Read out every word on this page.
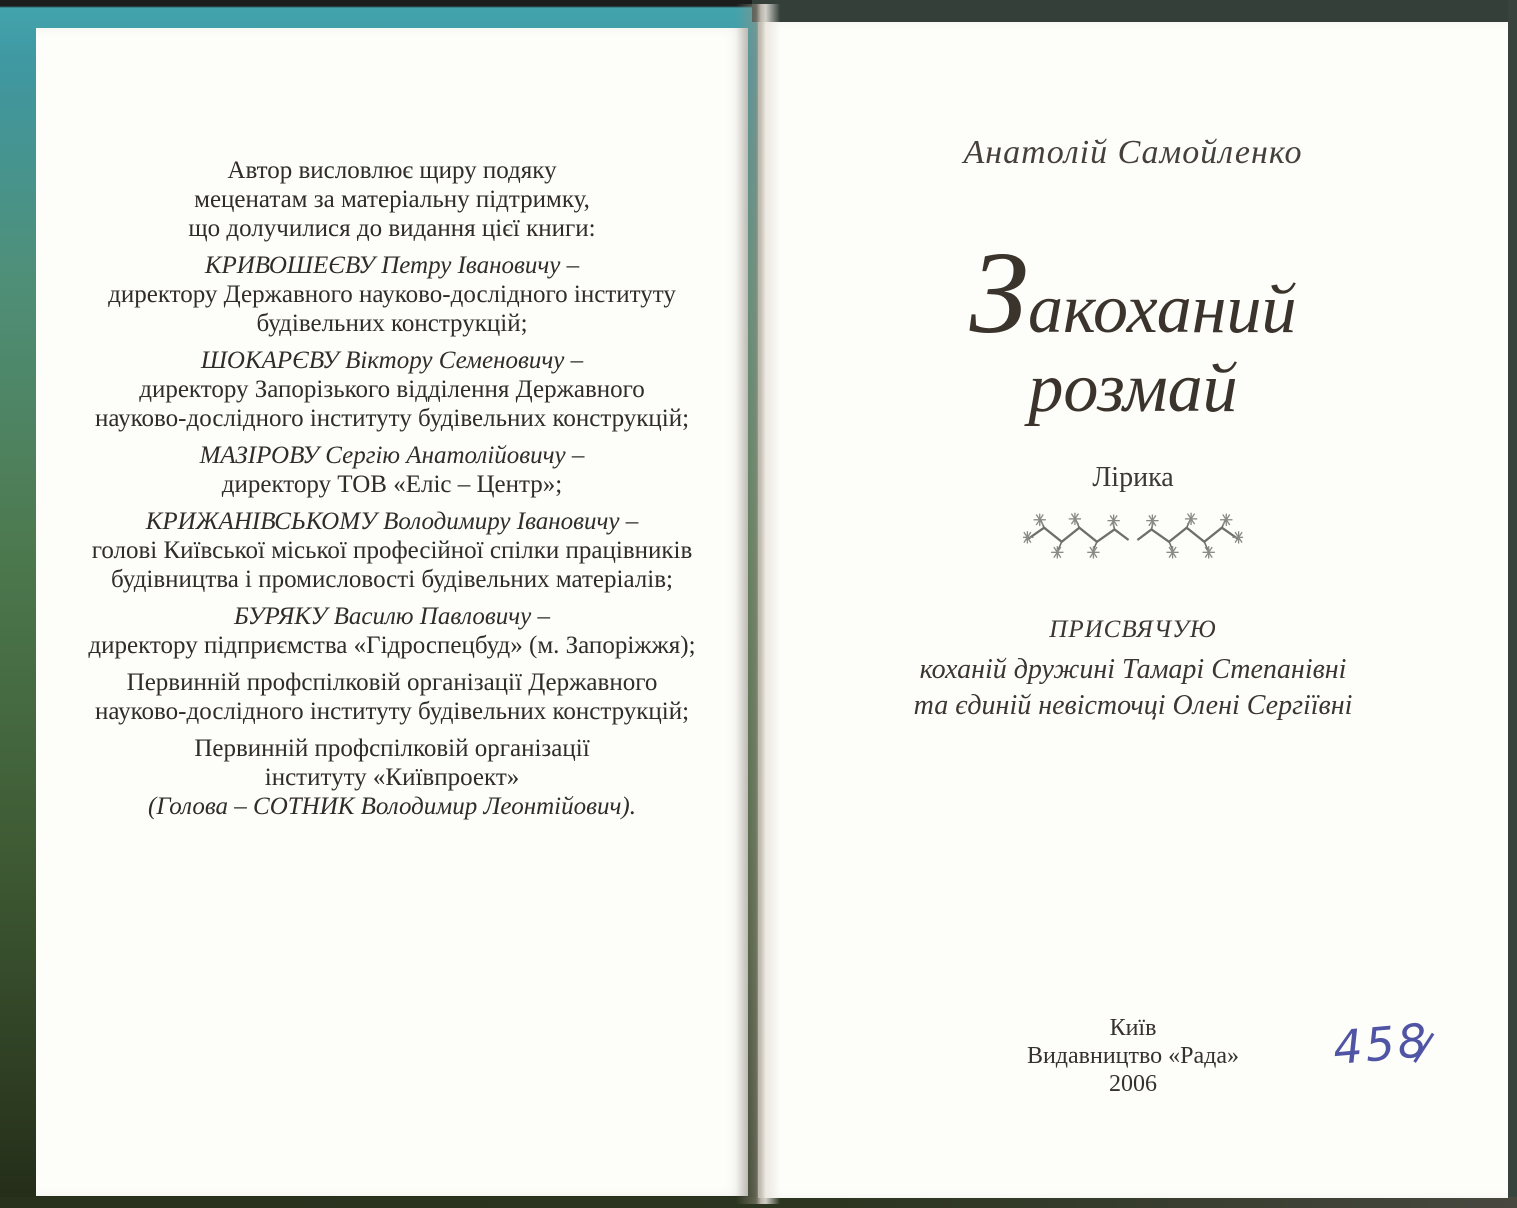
Автор висловлює щиру подяку
меценатам за матеріальну підтримку,
що долучилися до видання цієї книги:
КРИВОШЕЄВУ Петру Івановичу –
директору Державного науково-дослідного інституту
будівельних конструкцій;
ШОКАРЄВУ Віктору Семеновичу –
директору Запорізького відділення Державного
науково-дослідного інституту будівельних конструкцій;
МАЗІРОВУ Сергію Анатолійовичу –
директору ТОВ «Еліс – Центр»;
КРИЖАНІВСЬКОМУ Володимиру Івановичу –
голові Київської міської професійної спілки працівників
будівництва і промисловості будівельних матеріалів;
БУРЯКУ Василю Павловичу –
директору підприємства «Гідроспецбуд» (м. Запоріжжя);
Первинній профспілковій організації Державного
науково-дослідного інституту будівельних конструкцій;
Первинній профспілковій організації
інституту «Київпроект»
(Голова – СОТНИК Володимир Леонтійович).
Анатолій Самойленко
Закоханий
розмай
Лірика
ПРИСВЯЧУЮ
коханій дружині Тамарі Степанівні
та єдиній невісточці Олені Сергіївні
Київ
Видавництво «Рада»
2006
458
